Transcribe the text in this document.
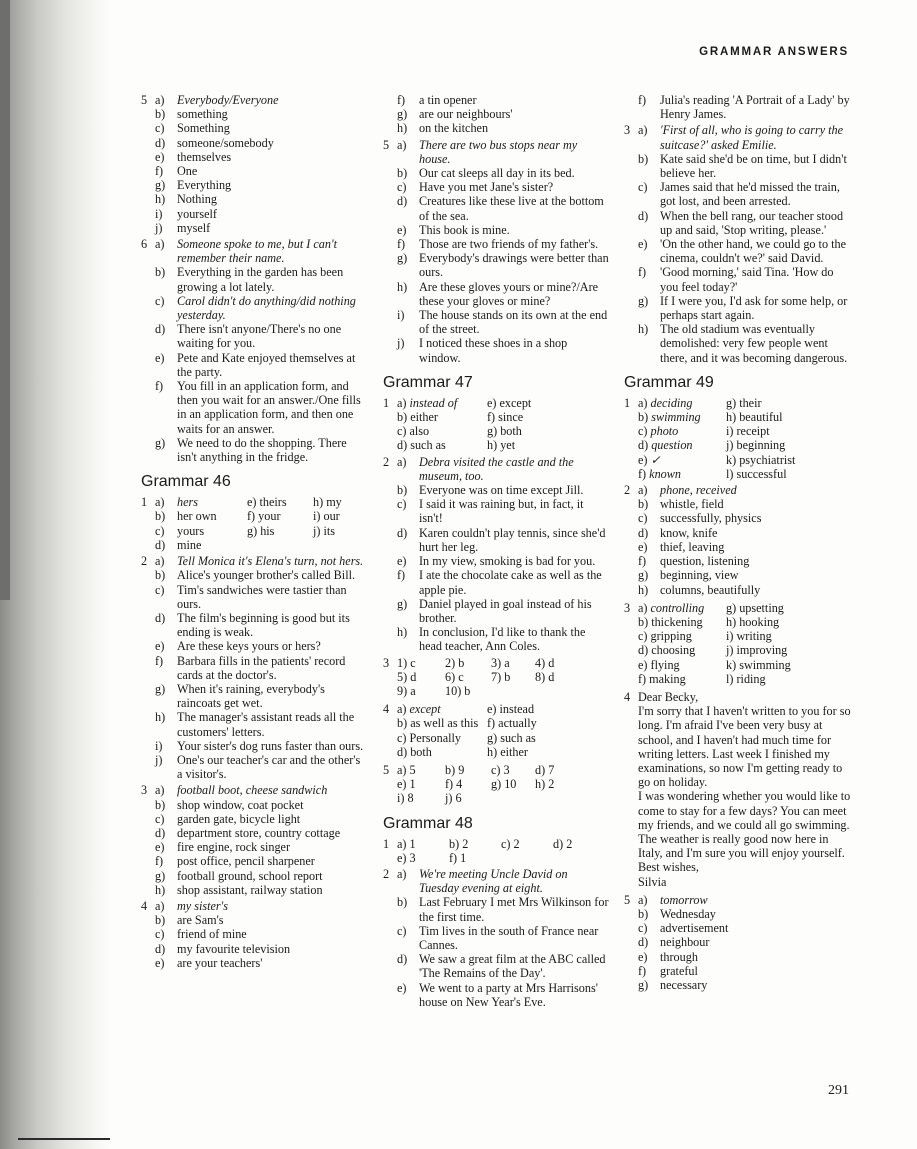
GRAMMAR ANSWERS
291
5 a)	Everybody/Everyone
b) something
c)	Something
d) someone/somebody
e)	themselves
f)	One
g) Everything
h) Nothing
i)	yourself
j)	myself
6 a)	Someone spoke to me, but I can't remember their name.
b) Everything in the garden has been growing a lot lately.
c)	Carol didn't do anything/did nothing yesterday.
d) There isn't anyone/There's no one waiting for you.
e)	Pete and Kate enjoyed themselves at the party.
f)	You fill in an application form, and then you wait for an answer./One fills in an application form, and then one waits for an answer.
g) We need to do the shopping. There isn't anything in the fridge.
Grammar 46
1 a)	hers	e) theirs	h) my
b) her own	f) your	i) our
c)	yours	g) his	j) its
d) mine
2 a)	Tell Monica it's Elena's turn, not hers.
b) Alice's younger brother's called Bill.
c)	Tim's sandwiches were tastier than ours.
d) The film's beginning is good but its ending is weak.
e)	Are these keys yours or hers?
f)	Barbara fills in the patients' record cards at the doctor's.
g) When it's raining, everybody's raincoats get wet.
h) The manager's assistant reads all the customers' letters.
i)	Your sister's dog runs faster than ours.
j)	One's our teacher's car and the other's a visitor's.
3 a)	football boot, cheese sandwich
b) shop window, coat pocket
c)	garden gate, bicycle light
d) department store, country cottage
e)	fire engine, rock singer
f)	post office, pencil sharpener
g) football ground, school report
h) shop assistant, railway station
4 a)	my sister's
b) are Sam's
c)	friend of mine
d) my favourite television
e)	are your teachers'
f)	a tin opener
g) are our neighbours'
h) on the kitchen
5 a)	There are two bus stops near my house.
b) Our cat sleeps all day in its bed.
c)	Have you met Jane's sister?
d) Creatures like these live at the bottom of the sea.
e)	This book is mine.
f)	Those are two friends of my father's.
g) Everybody's drawings were better than ours.
h) Are these gloves yours or mine?/Are these your gloves or mine?
i)	The house stands on its own at the end of the street.
j)	I noticed these shoes in a shop window.
Grammar 47
1 a) instead of	e) except
b) either	f) since
c) also	g) both
d) such as	h) yet
2 a)	Debra visited the castle and the museum, too.
b) Everyone was on time except Jill.
c)	I said it was raining but, in fact, it isn't!
d) Karen couldn't play tennis, since she'd hurt her leg.
e)	In my view, smoking is bad for you.
f)	I ate the chocolate cake as well as the apple pie.
g) Daniel played in goal instead of his brother.
h) In conclusion, I'd like to thank the head teacher, Ann Coles.
3 1) c	2) b	3) a	4) d
5) d	6) c	7) b	8) d
9) a	10) b
4 a) except	e) instead
b) as well as this f) actually
c) Personally	g) such as
d) both	h) either
5 a) 5	b) 9	c) 3	d) 7
e) 1	f) 4	g) 10	h) 2
i) 8	j) 6
Grammar 48
1 a) 1	b) 2	c) 2	d) 2
e) 3	f) 1
2 a)	We're meeting Uncle David on Tuesday evening at eight.
b) Last February I met Mrs Wilkinson for the first time.
c)	Tim lives in the south of France near Cannes.
d) We saw a great film at the ABC called 'The Remains of the Day'.
e)	We went to a party at Mrs Harrisons' house on New Year's Eve.
f)	Julia's reading 'A Portrait of a Lady' by Henry James.
3 a)	'First of all, who is going to carry the suitcase?' asked Emilie.
b) Kate said she'd be on time, but I didn't believe her.
c)	James said that he'd missed the train, got lost, and been arrested.
d) When the bell rang, our teacher stood up and said, 'Stop writing, please.'
e)	'On the other hand, we could go to the cinema, couldn't we?' said David.
f)	'Good morning,' said Tina. 'How do you feel today?'
g) If I were you, I'd ask for some help, or perhaps start again.
h) The old stadium was eventually demolished: very few people went there, and it was becoming dangerous.
Grammar 49
1 a) deciding	g) their
b) swimming	h) beautiful
c) photo	i) receipt
d) question	j) beginning
e) ✓	k) psychiatrist
f) known	l) successful
2 a)	phone, received
b) whistle, field
c)	successfully, physics
d) know, knife
e)	thief, leaving
f)	question, listening
g) beginning, view
h) columns, beautifully
3 a) controlling	g) upsetting
b) thickening	h) hooking
c) gripping	i) writing
d) choosing	j) improving
e) flying	k) swimming
f) making	l) riding
4 Dear Becky,
I'm sorry that I haven't written to you for so long. I'm afraid I've been very busy at school, and I haven't had much time for writing letters. Last week I finished my examinations, so now I'm getting ready to go on holiday.
I was wondering whether you would like to come to stay for a few days? You can meet my friends, and we could all go swimming. The weather is really good now here in Italy, and I'm sure you will enjoy yourself.
Best wishes,
Silvia
5 a)	tomorrow
b) Wednesday
c)	advertisement
d) neighbour
e)	through
f)	grateful
g) necessary
